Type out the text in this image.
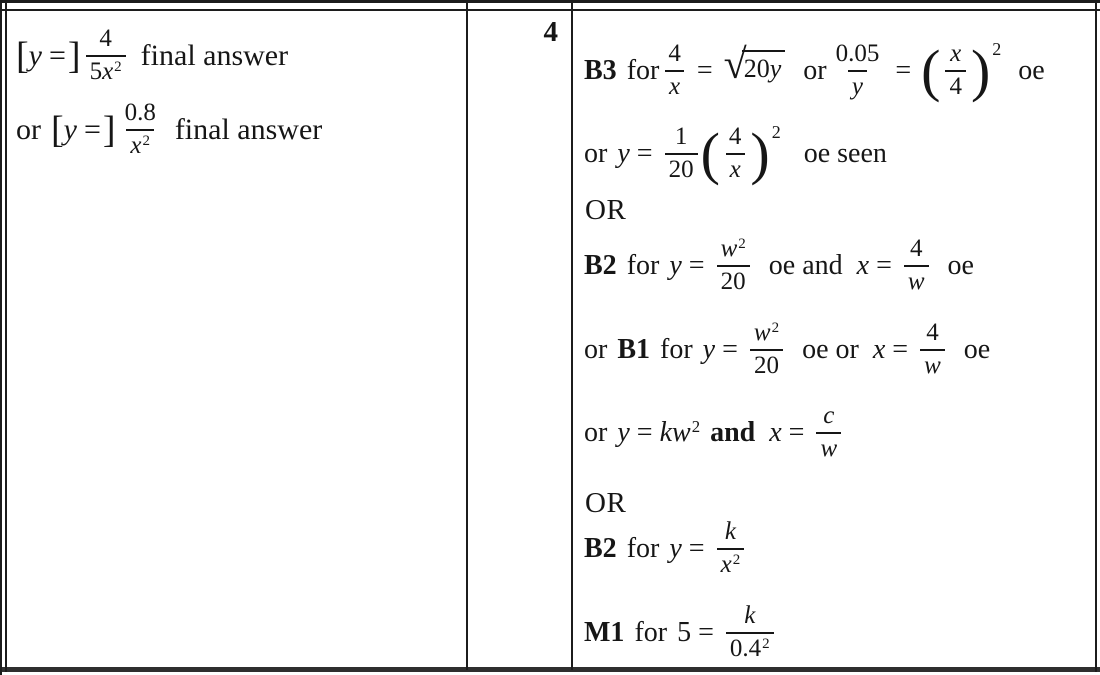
[ y = ] $\frac{4}{5x^2}$ final answer
or [ y = ] $\frac{0.8}{x^2}$ final answer
4
B3 for $\frac{4}{x}$ = √
20y or $\frac{0.05}{y}$ = ( $\frac{x}{4}$ ) 2
oe
or $y = \frac{1}{20}$ ( $\frac{4}{x}$ ) 2
oe seen
OR
B2 for $y = \frac{w^2}{20}$ oe and $x = \frac{4}{w}$ oe
or B1 for $y = \frac{w^2}{20}$ oe or $x = \frac{4}{w}$ oe
or $y = kw^2$ and $x = \frac{c}{w}$
OR
B2 for $y = \frac{k}{x^2}$
M1 for $5 = \frac{k}{0.4^2}$
